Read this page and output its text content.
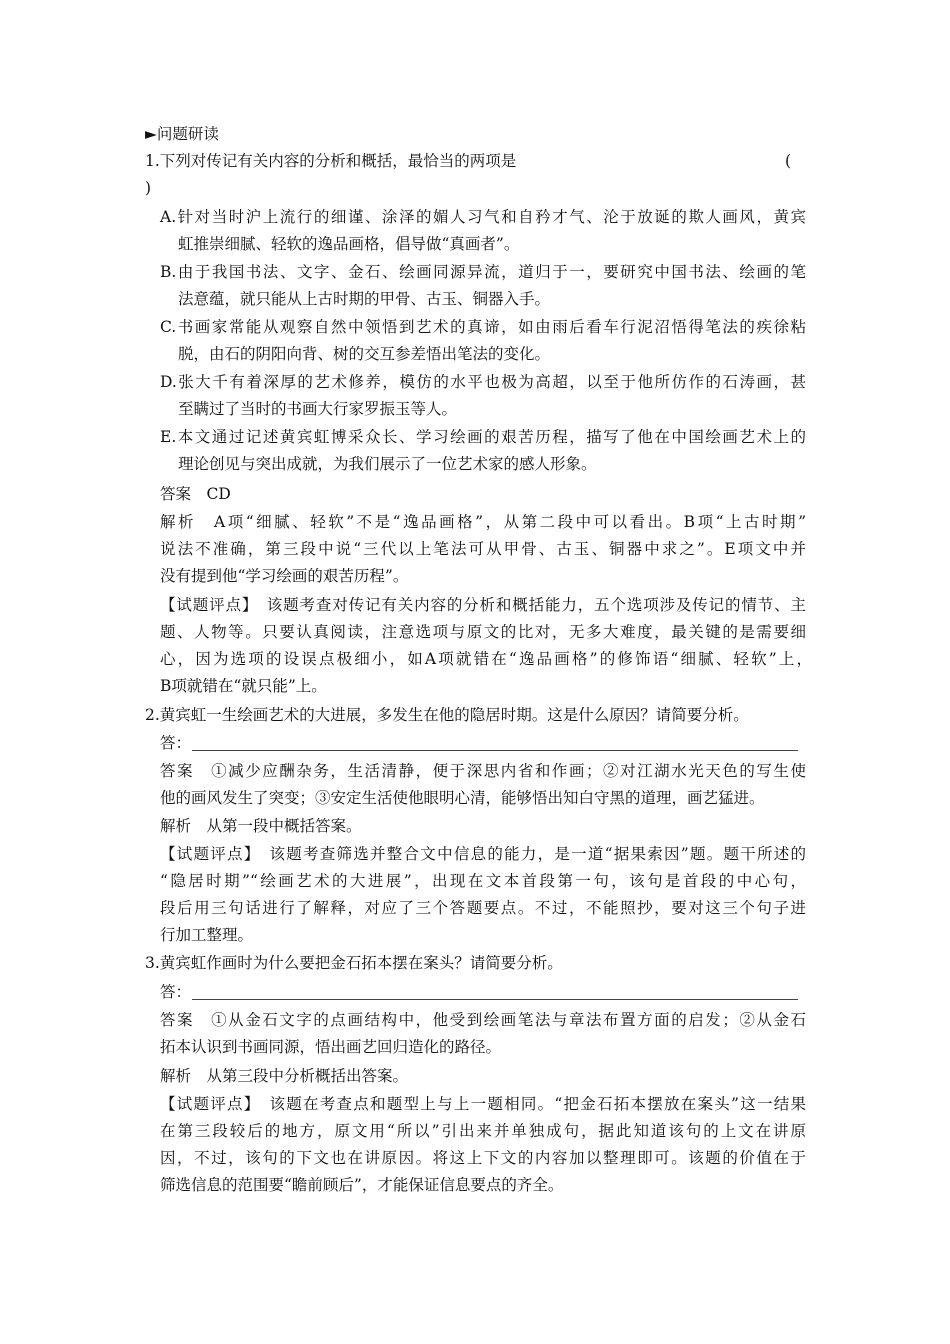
►问题研读
1.下列对传记有关内容的分析和概括，最恰当的两项是	(
)
A.针对当时沪上流行的细谨、涂泽的媚人习气和自矜才气、沦于放诞的欺人画风，黄宾
虹推崇细腻、轻软的逸品画格，倡导做“真画者”。
B.由于我国书法、文字、金石、绘画同源异流，道归于一，要研究中国书法、绘画的笔
法意蕴，就只能从上古时期的甲骨、古玉、铜器入手。
C.书画家常能从观察自然中领悟到艺术的真谛，如由雨后看车行泥沼悟得笔法的疾徐粘
脱，由石的阴阳向背、树的交互参差悟出笔法的变化。
D.张大千有着深厚的艺术修养，模仿的水平也极为高超，以至于他所仿作的石涛画，甚
至瞒过了当时的书画大行家罗振玉等人。
E.本文通过记述黄宾虹博采众长、学习绘画的艰苦历程，描写了他在中国绘画艺术上的
理论创见与突出成就，为我们展示了一位艺术家的感人形象。
答案　CD
解析　A项“细腻、轻软”不是“逸品画格”，从第二段中可以看出。B项“上古时期”
说法不准确，第三段中说“三代以上笔法可从甲骨、古玉、铜器中求之”。E项文中并
没有提到他“学习绘画的艰苦历程”。
【试题评点】　该题考查对传记有关内容的分析和概括能力，五个选项涉及传记的情节、主
题、人物等。只要认真阅读，注意选项与原文的比对，无多大难度，最关键的是需要细
心，因为选项的设误点极细小，如A项就错在“逸品画格”的修饰语“细腻、轻软”上，
B项就错在“就只能”上。
2.黄宾虹一生绘画艺术的大进展，多发生在他的隐居时期。这是什么原因？请简要分析。
答：
答案　①减少应酬杂务，生活清静，便于深思内省和作画；②对江湖水光天色的写生使
他的画风发生了突变；③安定生活使他眼明心清，能够悟出知白守黑的道理，画艺猛进。
解析　从第一段中概括答案。
【试题评点】　该题考查筛选并整合文中信息的能力，是一道“据果索因”题。题干所述的
“隐居时期”“绘画艺术的大进展”，出现在文本首段第一句，该句是首段的中心句，
段后用三句话进行了解释，对应了三个答题要点。不过，不能照抄，要对这三个句子进
行加工整理。
3.黄宾虹作画时为什么要把金石拓本摆在案头？请简要分析。
答：
答案　①从金石文字的点画结构中，他受到绘画笔法与章法布置方面的启发；②从金石
拓本认识到书画同源，悟出画艺回归造化的路径。
解析　从第三段中分析概括出答案。
【试题评点】　该题在考查点和题型上与上一题相同。“把金石拓本摆放在案头”这一结果
在第三段较后的地方，原文用“所以”引出来并单独成句，据此知道该句的上文在讲原
因，不过，该句的下文也在讲原因。将这上下文的内容加以整理即可。该题的价值在于
筛选信息的范围要“瞻前顾后”，才能保证信息要点的齐全。
